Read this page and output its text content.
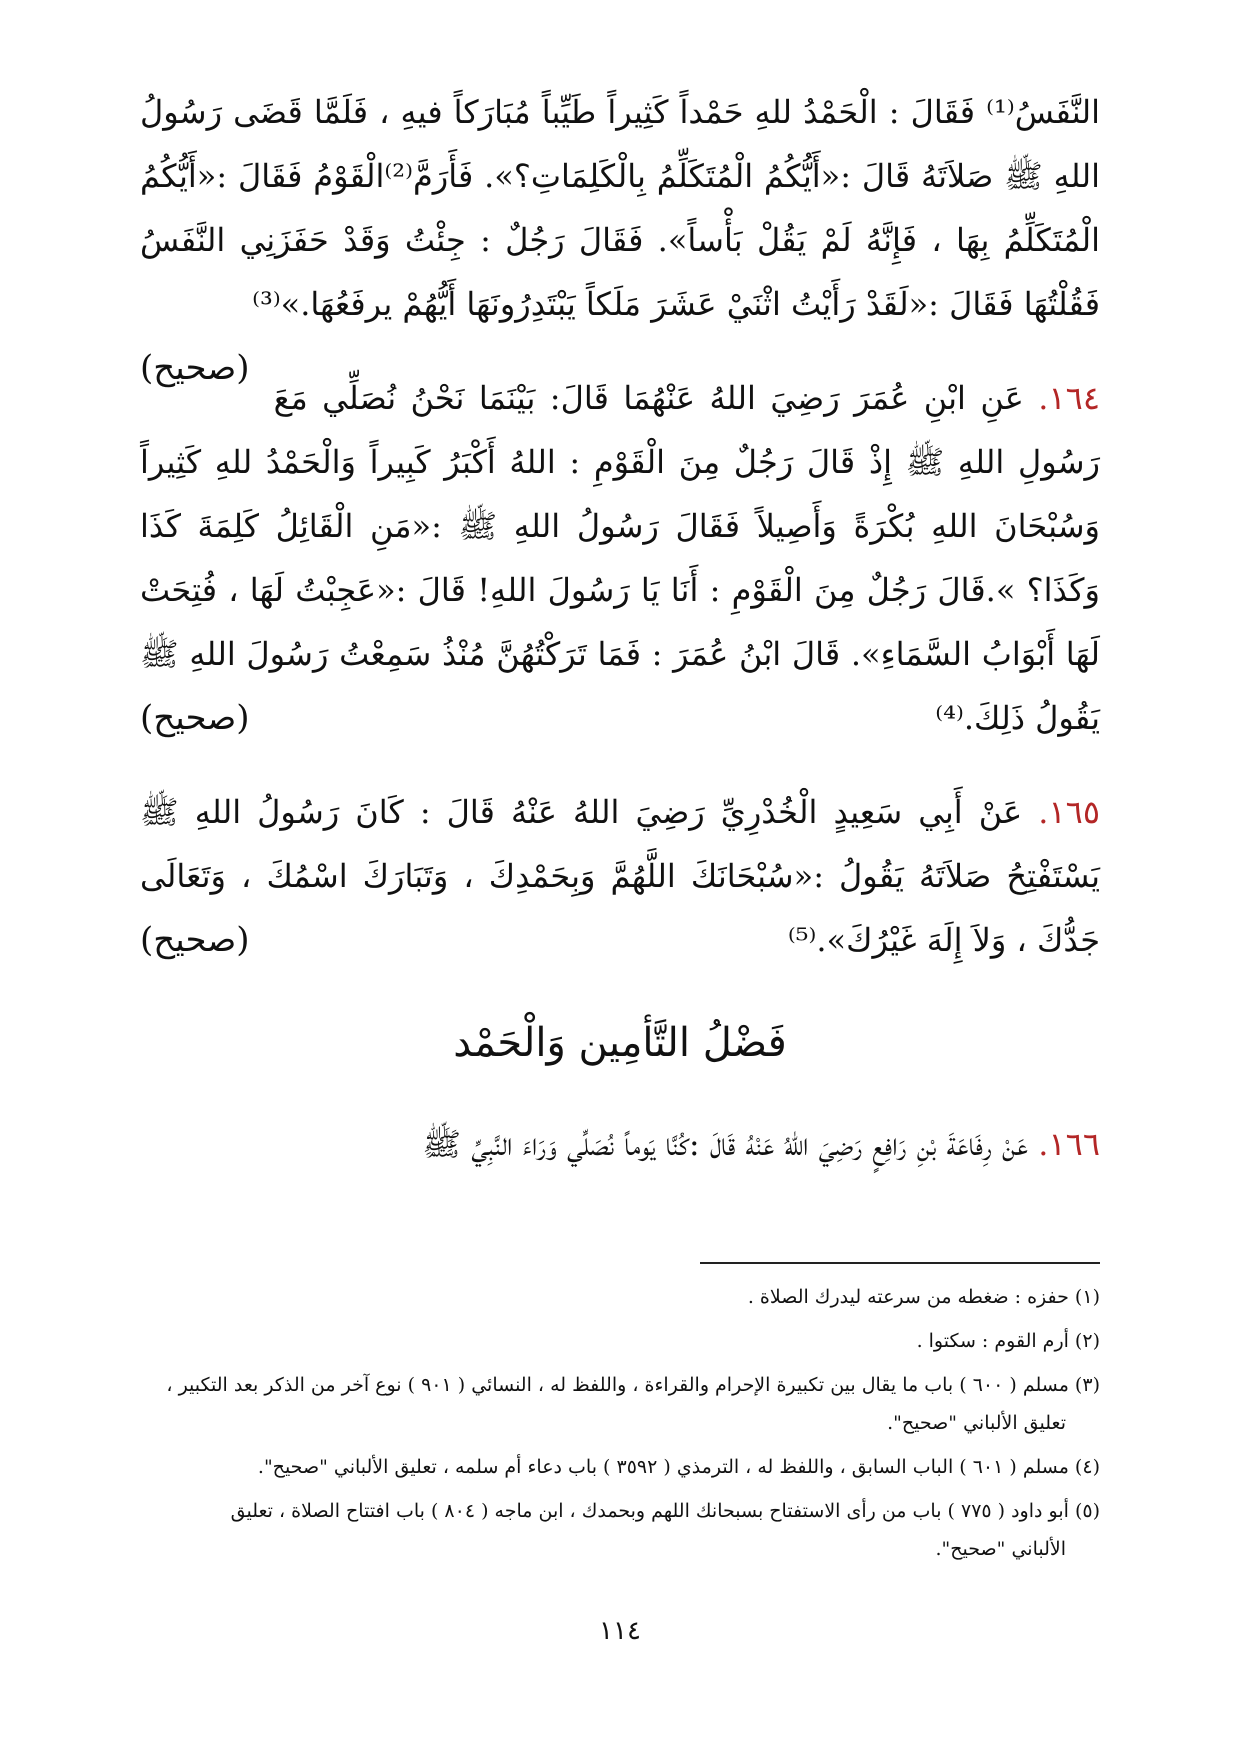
النَّفَسُ⁽¹⁾ فَقَالَ : الْحَمْدُ للهِ حَمْداً كَثِيراً طَيِّباً مُبَارَكاً فيهِ ، فَلَمَّا قَضَى رَسُولُ اللهِ ﷺ صَلاَتَهُ قَالَ :«أَيُّكُمُ الْمُتَكَلِّمُ بِالْكَلِمَاتِ؟». فَأَرَمَّ⁽²⁾الْقَوْمُ فَقَالَ :«أَيُّكُمُ الْمُتَكَلِّمُ بِهَا ، فَإِنَّهُ لَمْ يَقُلْ بَأْساً». فَقَالَ رَجُلٌ : جِئْتُ وَقَدْ حَفَزَنِي النَّفَسُ فَقُلْتُهَا فَقَالَ :«لَقَدْ رَأَيْتُ اثْنَيْ عَشَرَ مَلَكاً يَبْتَدِرُونَهَا أَيُّهُمْ يرفَعُهَا.»⁽³⁾
(صحيح)

١٦٤. عَنِ ابْنِ عُمَرَ رَضِيَ اللهُ عَنْهُمَا قَالَ: بَيْنَمَا نَحْنُ نُصَلِّي مَعَ رَسُولِ اللهِ ﷺ إِذْ قَالَ رَجُلٌ مِنَ الْقَوْمِ : اللهُ أَكْبَرُ كَبِيراً وَالْحَمْدُ للهِ كَثِيراً وَسُبْحَانَ اللهِ بُكْرَةً وَأَصِيلاً فَقَالَ رَسُولُ اللهِ ﷺ :«مَنِ الْقَائِلُ كَلِمَةَ كَذَا وَكَذَا؟ ».قَالَ رَجُلٌ مِنَ الْقَوْمِ : أَنَا يَا رَسُولَ اللهِ! قَالَ :«عَجِبْتُ لَهَا ، فُتِحَتْ لَهَا أَبْوَابُ السَّمَاءِ». قَالَ ابْنُ عُمَرَ : فَمَا تَرَكْتُهُنَّ مُنْذُ سَمِعْتُ رَسُولَ اللهِ ﷺ يَقُولُ ذَلِكَ.⁽⁴⁾
(صحيح)

١٦٥. عَنْ أَبِي سَعِيدٍ الْخُدْرِيِّ رَضِيَ اللهُ عَنْهُ قَالَ : كَانَ رَسُولُ اللهِ ﷺ يَسْتَفْتِحُ صَلاَتَهُ يَقُولُ :«سُبْحَانَكَ اللَّهُمَّ وَبِحَمْدِكَ ، وَتَبَارَكَ اسْمُكَ ، وَتَعَالَى جَدُّكَ ، وَلاَ إِلَهَ غَيْرُكَ».⁽⁵⁾
(صحيح)

فَضْلُ التَّأمِين وَالْحَمْد

١٦٦. عَنْ رِفَاعَةَ بْنِ رَافِعٍ رَضِيَ اللهُ عَنْهُ قَالَ :كُنَّا يَوماً نُصَلِّي وَرَاءَ النَّبِيِّ ﷺ

(١) حفزه : ضغطه من سرعته ليدرك الصلاة .
(٢) أرم القوم : سكتوا .
(٣) مسلم ( ٦٠٠ ) باب ما يقال بين تكبيرة الإحرام والقراءة ، واللفظ له ، النسائي ( ٩٠١ ) نوع آخر من الذكر بعد التكبير ،
تعليق الألباني "صحيح".
(٤) مسلم ( ٦٠١ ) الباب السابق ، واللفظ له ، الترمذي ( ٣٥٩٢ ) باب دعاء أم سلمه ، تعليق الألباني "صحيح".
(٥) أبو داود ( ٧٧٥ ) باب من رأى الاستفتاح بسبحانك اللهم وبحمدك ، ابن ماجه ( ٨٠٤ ) باب افتتاح الصلاة ، تعليق
الألباني "صحيح".
١١٤
